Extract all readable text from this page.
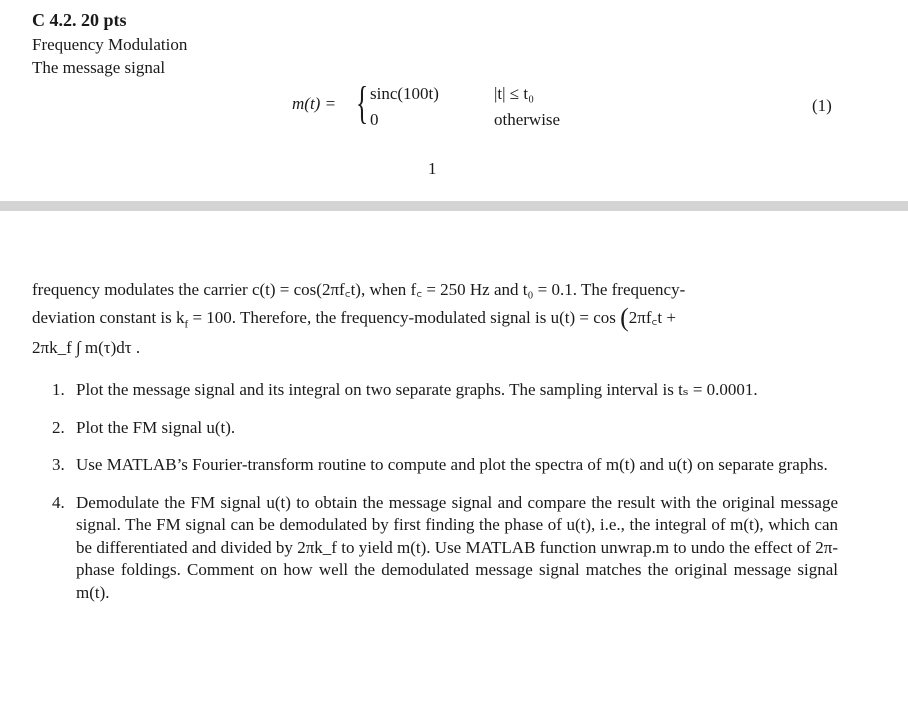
C 4.2. 20 pts
Frequency Modulation
The message signal
m(t) = { sinc(100t)
0
|t| ≤ t₀
otherwise
(1)
1
frequency modulates the carrier c(t) = cos(2πf꜀t), when f꜀ = 250 Hz and t₀ = 0.1. The frequency-
deviation constant is $k_f = 100$. Therefore, the frequency-modulated signal is u(t) = cos (2πf꜀t +
2πk_f ∫ m(τ)dτ .
1. Plot the message signal and its integral on two separate graphs. The sampling interval is tₛ = 0.0001.
2. Plot the FM signal u(t).
3. Use MATLAB’s Fourier-transform routine to compute and plot the spectra of m(t) and u(t) on separate graphs.
4. Demodulate the FM signal u(t) to obtain the message signal and compare the result with the original message signal. The FM signal can be demodulated by first finding the phase of u(t), i.e., the integral of m(t), which can be differentiated and divided by 2πk_f to yield m(t). Use MATLAB function unwrap.m to undo the effect of 2π-phase foldings. Comment on how well the demodulated message signal matches the original message signal m(t).
